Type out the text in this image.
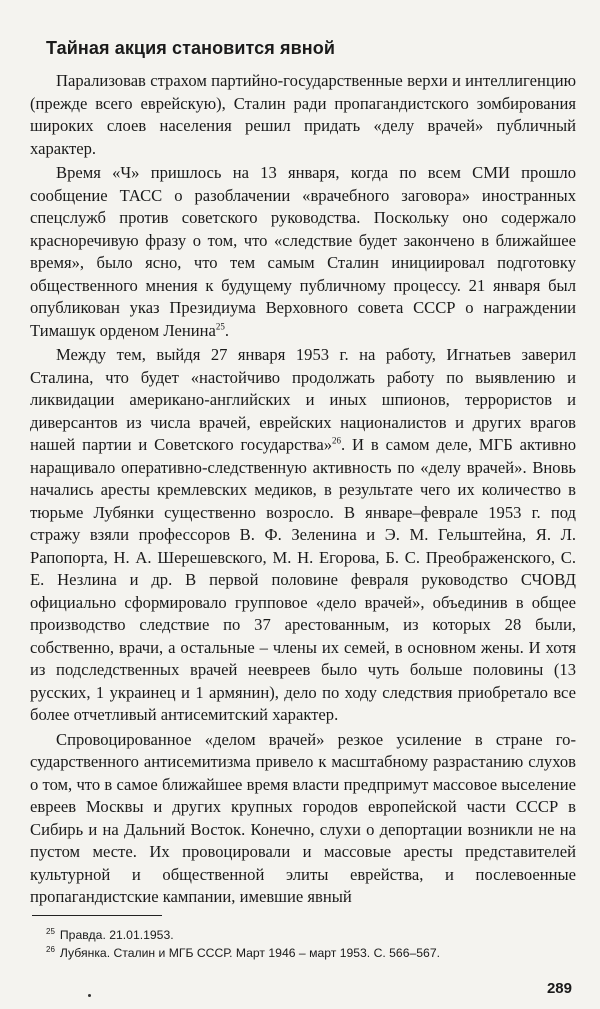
Тайная акция становится явной

Парализовав страхом партийно-государственные верхи и интеллигенцию (прежде всего еврейскую), Сталин ради пропагандистского зомбирования широких слоев населения решил придать «делу врачей» публичный характер.

Время «Ч» пришлось на 13 января, когда по всем СМИ прошло сообщение ТАСС о разоблачении «врачебного заговора» иностранных спецслужб против советского руководства. Поскольку оно содержало красноречивую фразу о том, что «следствие будет закончено в ближайшее время», было ясно, что тем самым Сталин инициировал подготовку общественного мнения к будущему публичному процессу. 21 января был опубликован указ Президиума Верховного совета СССР о награждении Тимашук орденом Ленина$^{25}$.

Между тем, выйдя 27 января 1953 г. на работу, Игнатьев заверил Сталина, что будет «настойчиво продолжать работу по выявлению и ликвидации американо-английских и иных шпионов, террористов и диверсантов из числа врачей, еврейских националистов и других врагов нашей партии и Советского государства»$^{26}$. И в самом деле, МГБ активно наращивало оперативно-следственную активность по «делу врачей». Вновь начались аресты кремлевских медиков, в результате чего их количество в тюрьме Лубянки существенно возросло. В январе–феврале 1953 г. под стражу взяли профессоров В. Ф. Зеленина и Э. М. Гельштейна, Я. Л. Рапопорта, Н. А. Шерешевского, М. Н. Егорова, Б. С. Преображенского, С. Е. Незлина и др. В первой половине февраля руководство СЧОВД официально сформировало групповое «дело врачей», объединив в общее производство следствие по 37 арестованным, из которых 28 были, собственно, врачи, а остальные – члены их семей, в основном жены. И хотя из подследственных врачей неевреев было чуть больше половины (13 русских, 1 украинец и 1 армянин), дело по ходу следствия приобретало все более отчетливый антисемитский характер.

Спровоцированное «делом врачей» резкое усиление в стране государственного антисемитизма привело к масштабному разрастанию слухов о том, что в самое ближайшее время власти предпримут массовое выселение евреев Москвы и других крупных городов европейской части СССР в Сибирь и на Дальний Восток. Конечно, слухи о депортации возникли не на пустом месте. Их провоцировали и массовые аресты представителей культурной и общественной элиты еврейства, и послевоенные пропагандистские кампании, имевшие явный

$^{25}$ Правда. 21.01.1953.
$^{26}$ Лубянка. Сталин и МГБ СССР. Март 1946 – март 1953. С. 566–567.
289
